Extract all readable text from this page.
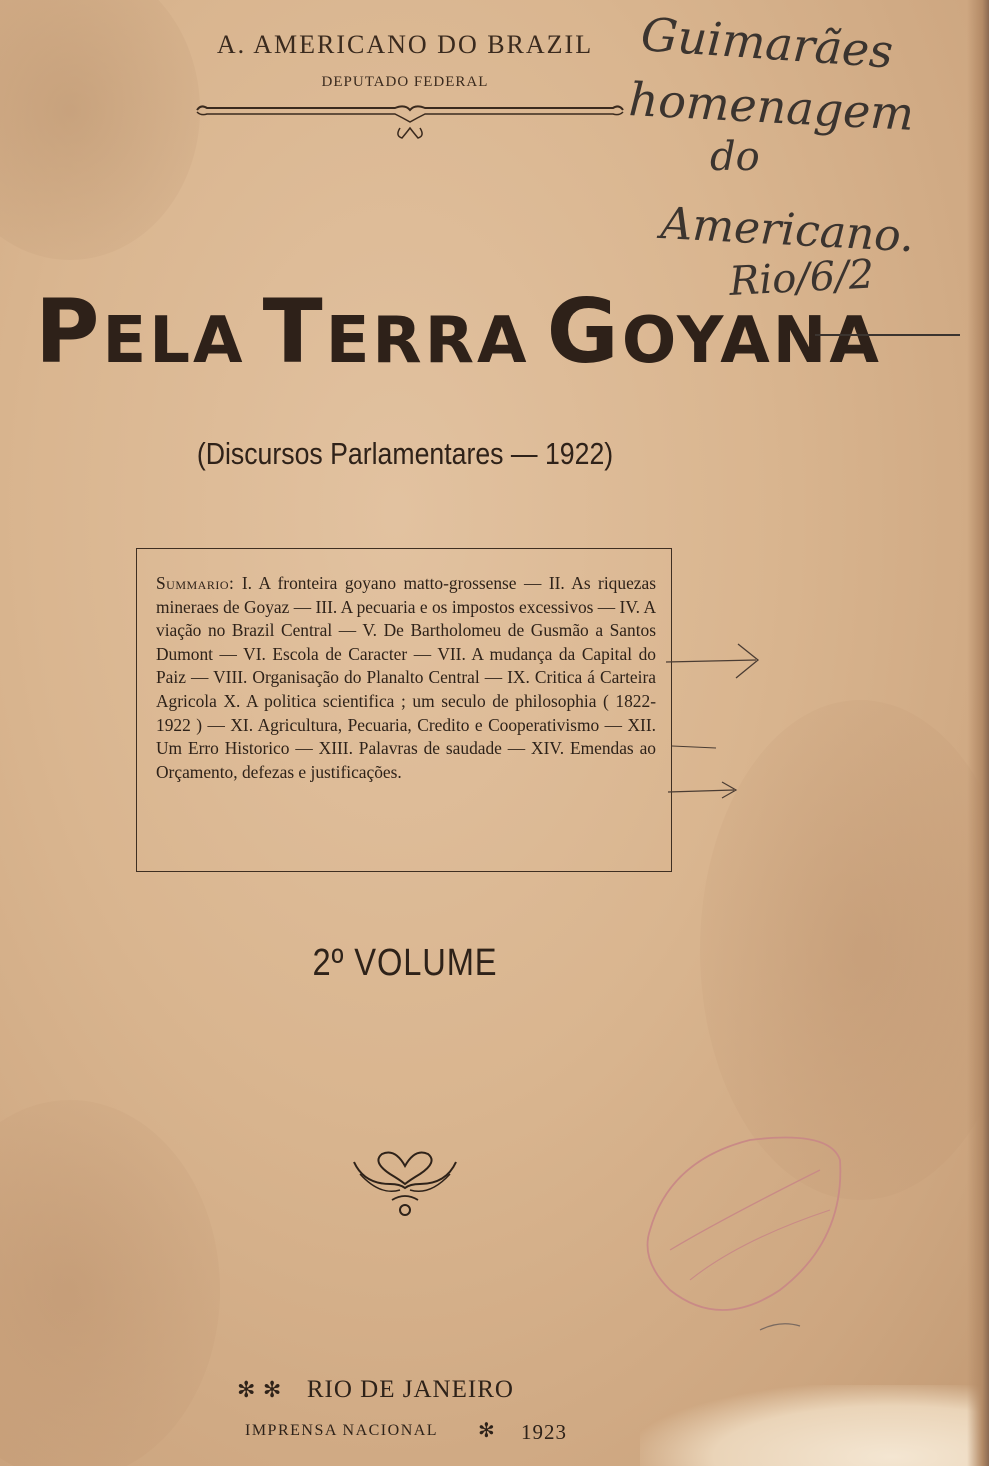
A. AMERICANO DO BRAZIL
DEPUTADO FEDERAL
PELA TERRA GOYANA
(Discursos Parlamentares — 1922)
Summario: I. A fronteira goyano matto-grossense — II. As riquezas mineraes de Goyaz — III. A pecuaria e os impostos excessivos — IV. A viação no Brazil Central — V. De Bartholomeu de Gusmão a Santos Dumont — VI. Escola de Caracter — VII. A mudança da Capital do Paiz — VIII. Organisação do Planalto Central — IX. Critica á Carteira Agricola X. A politica scientifica ; um seculo de philosophia ( 1822-1922 ) — XI. Agricultura, Pecuaria, Credito e Cooperativismo — XII. Um Erro Historico — XIII. Palavras de saudade — XIV. Emendas ao Orçamento, defezas e justificações.
2º VOLUME
Guimarães
homenagem
do
Americano.
Rio/6/2
✻ ✻ RIO DE JANEIRO
IMPRENSA NACIONAL ✻ 1923
